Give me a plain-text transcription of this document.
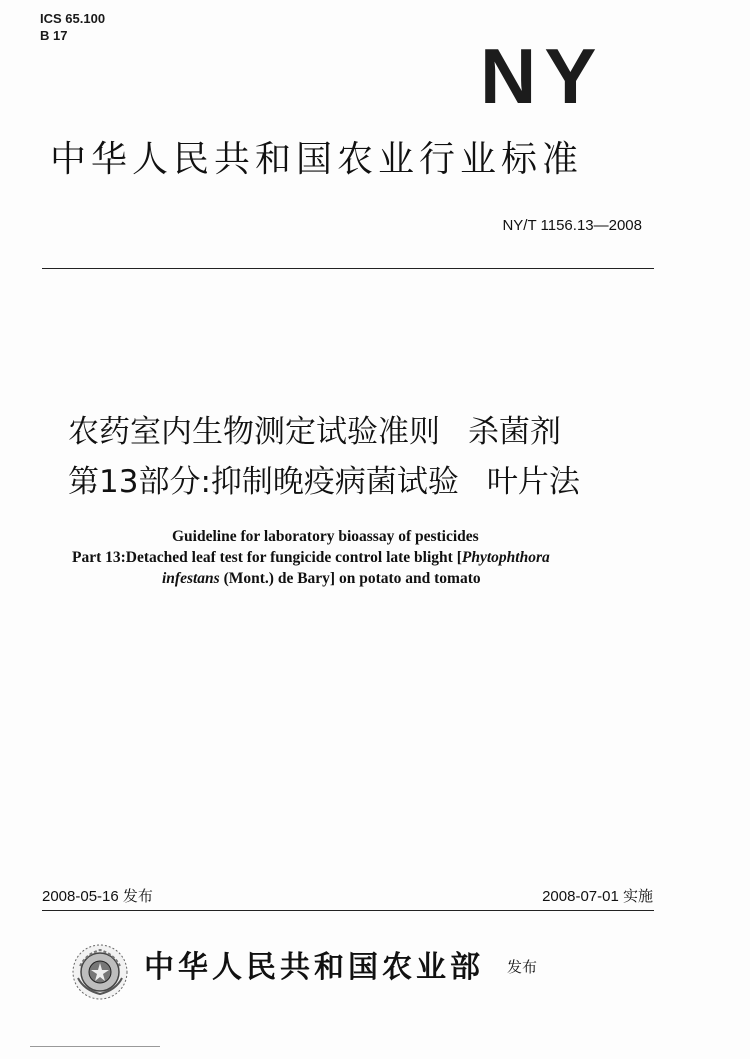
ICS 65.100
B 17	NY
中华人民共和国农业行业标准
NY/T 1156.13—2008
农药室内生物测定试验准则 杀菌剂
第13部分:抑制晚疫病菌试验 叶片法
Guideline for laboratory bioassay of pesticides
Part 13:Detached leaf test for fungicide control late blight [Phytophthora
infestans (Mont.) de Bary] on potato and tomato
2008-05-16 发布	2008-07-01 实施
中华人民共和国农业部 发布
